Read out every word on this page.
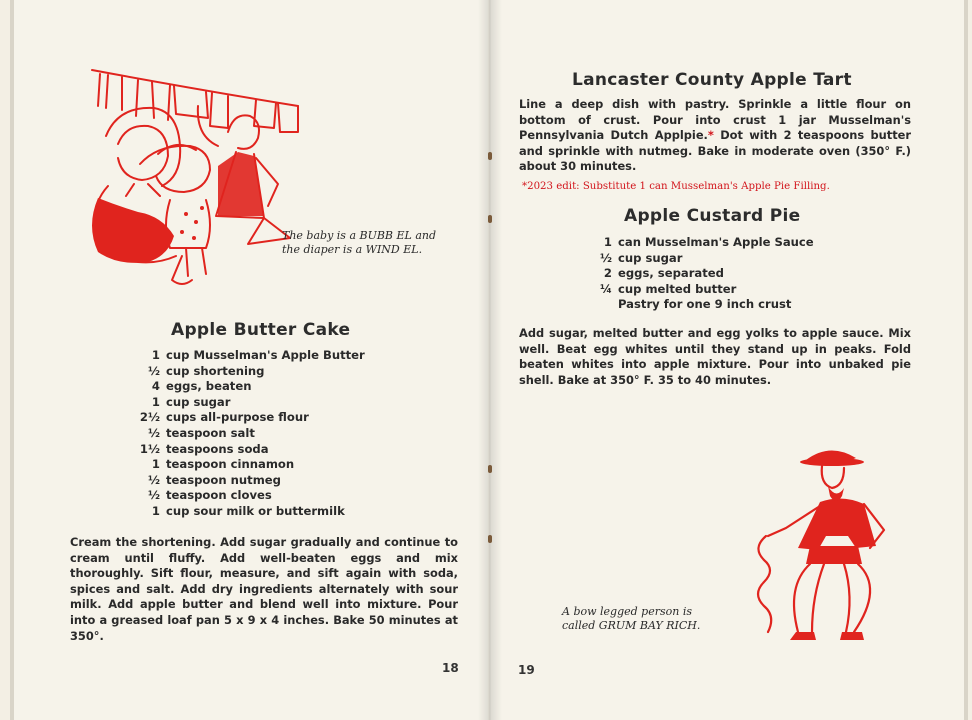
The baby is a BUBB EL and
the diaper is a WIND EL.
Apple Butter Cake
1 cup Musselman's Apple Butter
½ cup shortening
4 eggs, beaten
1 cup sugar
2½ cups all-purpose flour
½ teaspoon salt
1½ teaspoons soda
1 teaspoon cinnamon
½ teaspoon nutmeg
½ teaspoon cloves
1 cup sour milk or buttermilk
Cream the shortening. Add sugar gradually and continue to cream until fluffy. Add well-beaten eggs and mix thoroughly. Sift flour, measure, and sift again with soda, spices and salt. Add dry ingredients alternately with sour milk. Add apple butter and blend well into mixture. Pour into a greased loaf pan 5 x 9 x 4 inches. Bake 50 minutes at 350°.
18
Lancaster County Apple Tart
Line a deep dish with pastry. Sprinkle a little flour on bottom of crust. Pour into crust 1 jar Musselman's Pennsylvania Dutch Applpie.* Dot with 2 teaspoons butter and sprinkle with nutmeg. Bake in moderate oven (350° F.) about 30 minutes.
*2023 edit: Substitute 1 can Musselman's Apple Pie Filling.
Apple Custard Pie
1 can Musselman's Apple Sauce
½ cup sugar
2 eggs, separated
¼ cup melted butter
Pastry for one 9 inch crust
Add sugar, melted butter and egg yolks to apple sauce. Mix well. Beat egg whites until they stand up in peaks. Fold beaten whites into apple mixture. Pour into unbaked pie shell. Bake at 350° F. 35 to 40 minutes.
A bow legged person is
called GRUM BAY RICH.
19
